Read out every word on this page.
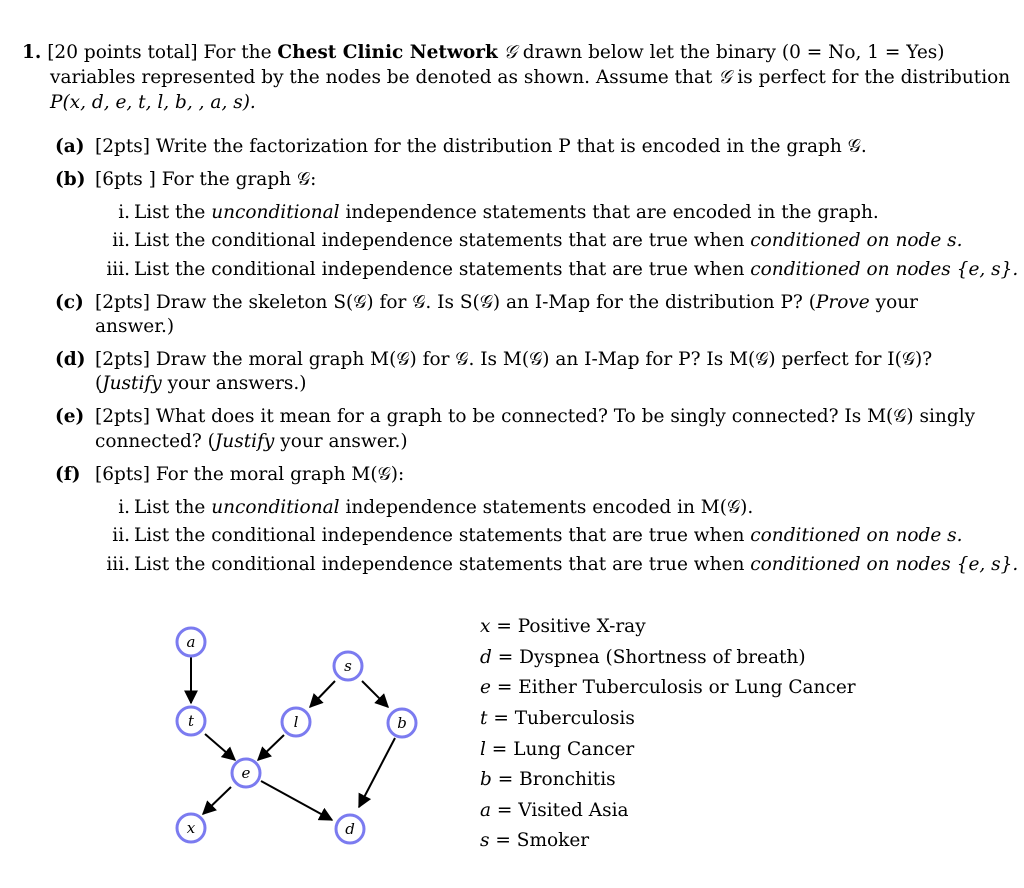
1. [20 points total] For the Chest Clinic Network 𝒢 drawn below let the binary (0 = No, 1 = Yes)
variables represented by the nodes be denoted as shown. Assume that 𝒢 is perfect for the distribution
P(x, d, e, t, l, b, , a, s).
(a) [2pts] Write the factorization for the distribution P that is encoded in the graph 𝒢.
(b) [6pts ] For the graph 𝒢:
i. List the unconditional independence statements that are encoded in the graph.
ii. List the conditional independence statements that are true when conditioned on node s.
iii. List the conditional independence statements that are true when conditioned on nodes {e, s}.
(c) [2pts] Draw the skeleton S(𝒢) for 𝒢. Is S(𝒢) an I-Map for the distribution P? (Prove your
answer.)
(d) [2pts] Draw the moral graph M(𝒢) for 𝒢. Is M(𝒢) an I-Map for P? Is M(𝒢) perfect for I(𝒢)?
(Justify your answers.)
(e) [2pts] What does it mean for a graph to be connected? To be singly connected? Is M(𝒢) singly
connected? (Justify your answer.)
(f) [6pts] For the moral graph M(𝒢):
i. List the unconditional independence statements encoded in M(𝒢).
ii. List the conditional independence statements that are true when conditioned on node s.
iii. List the conditional independence statements that are true when conditioned on nodes {e, s}.
a
s
t	l	b
e
x	d
x = Positive X-ray
d = Dyspnea (Shortness of breath)
e = Either Tuberculosis or Lung Cancer
t = Tuberculosis
l = Lung Cancer
b = Bronchitis
a = Visited Asia
s = Smoker
